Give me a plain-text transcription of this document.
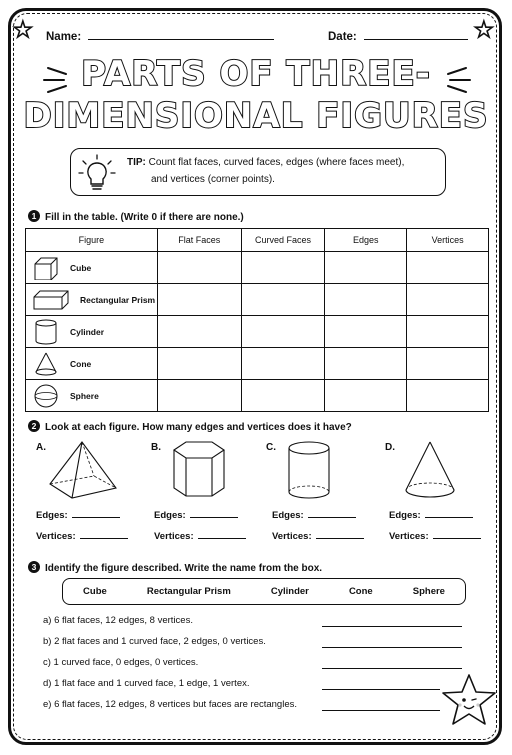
★	★
Name:	Date:
PARTS OF THREE-
DIMENSIONAL FIGURES
TIP: Count flat faces, curved faces, edges (where faces meet),
and vertices (corner points).
1 Fill in the table. (Write 0 if there are none.)
Figure	Flat Faces	Curved Faces	Edges	Vertices

Cube				

Rectangular Prism				

Cylinder				

Cone				

Sphere				

2 Look at each figure. How many edges and vertices does it have?
A.	B.	C.	D.
Edges:	Edges:	Edges:	Edges:
Vertices:	Vertices:	Vertices:	Vertices:
3 Identify the figure described. Write the name from the box.
Cube	Rectangular Prism	Cylinder	Cone	Sphere
a) 6 flat faces, 12 edges, 8 vertices.
b) 2 flat faces and 1 curved face, 2 edges, 0 vertices.
c) 1 curved face, 0 edges, 0 vertices.
d) 1 flat face and 1 curved face, 1 edge, 1 vertex.
e) 6 flat faces, 12 edges, 8 vertices but faces are rectangles.
